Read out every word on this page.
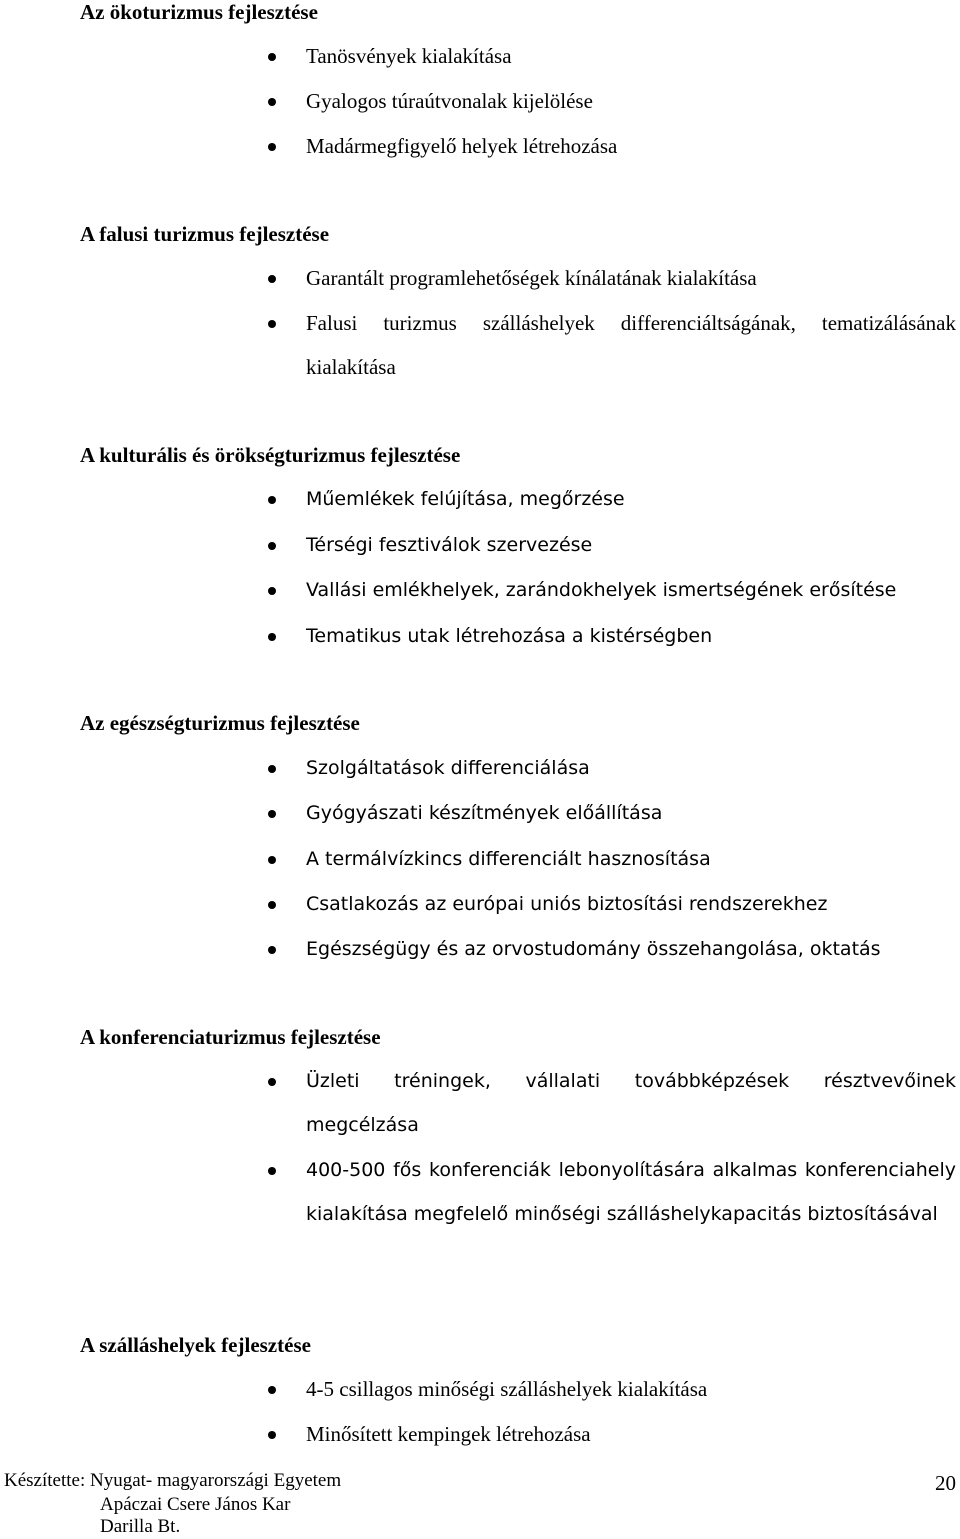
Az ökoturizmus fejlesztése

Tanösvények kialakítása

Gyalogos túraútvonalak kijelölése

Madármegfigyelő helyek létrehozása

A falusi turizmus fejlesztése

Garantált programlehetőségek kínálatának kialakítása

Falusi turizmus szálláshelyek differenciáltságának, tematizálásának kialakítása

A kulturális és örökségturizmus fejlesztése

Műemlékek felújítása, megőrzése

Térségi fesztiválok szervezése

Vallási emlékhelyek, zarándokhelyek ismertségének erősítése

Tematikus utak létrehozása a kistérségben

Az egészségturizmus fejlesztése

Szolgáltatások differenciálása

Gyógyászati készítmények előállítása

A termálvízkincs differenciált hasznosítása

Csatlakozás az európai uniós biztosítási rendszerekhez

Egészségügy és az orvostudomány összehangolása, oktatás

A konferenciaturizmus fejlesztése

Üzleti tréningek, vállalati továbbképzések résztvevőinek megcélzása

400-500 fős konferenciák lebonyolítására alkalmas konferenciahely kialakítása megfelelő minőségi szálláshelykapacitás biztosításával

A szálláshelyek fejlesztése

4-5 csillagos minőségi szálláshelyek kialakítása

Minősített kempingek létrehozása

Készítette: Nyugat- magyarországi Egyetem

Apáczai Csere János Kar

Darilla Bt.

20
